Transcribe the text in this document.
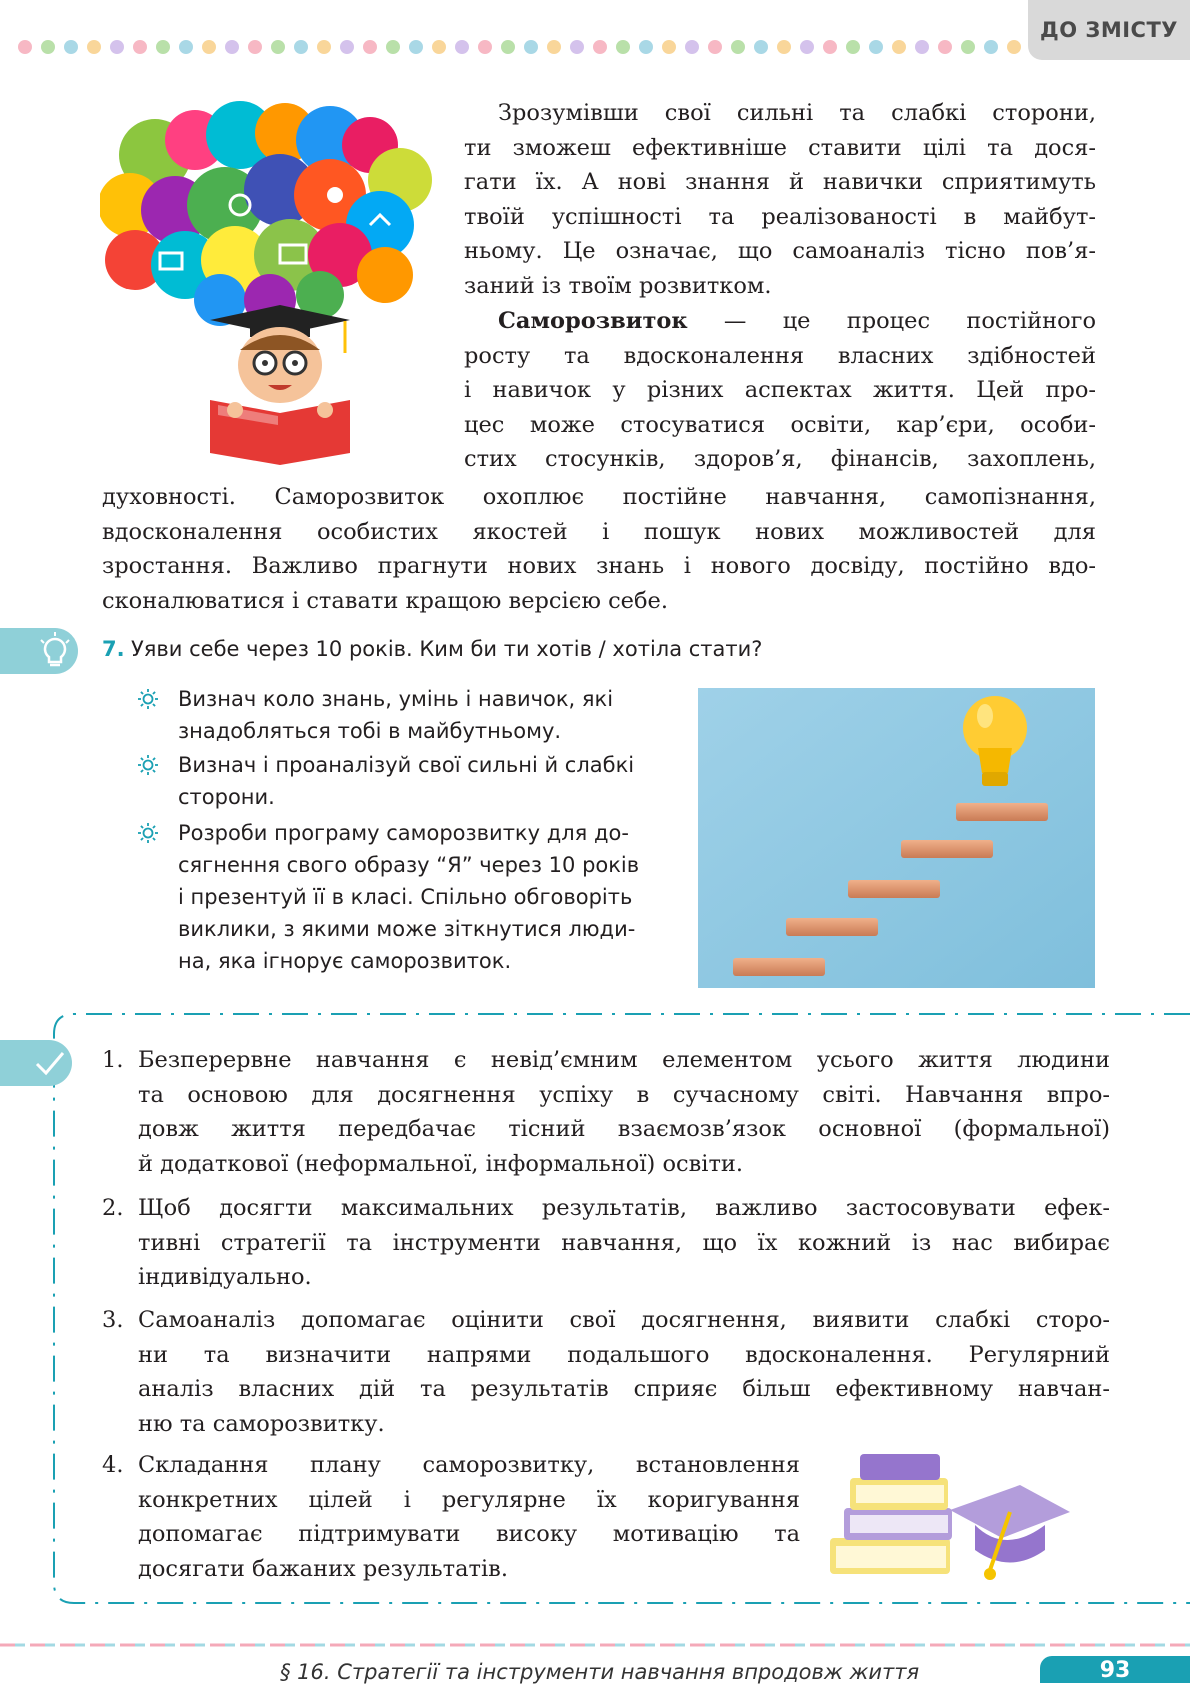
ДО ЗМІСТУ
Зрозумівши свої сильні та слабкі сторони,
ти зможеш ефективніше ставити цілі та дося-
гати їх. А нові знання й навички сприятимуть
твоїй успішності та реалізованості в майбут-
ньому. Це означає, що самоаналіз тісно пов’я-
заний із твоїм розвитком.
Саморозвиток — це процес постійного
росту та вдосконалення власних здібностей
і навичок у різних аспектах життя. Цей про-
цес може стосуватися освіти, кар’єри, особи-
стих стосунків, здоров’я, фінансів, захоплень,
духовності. Саморозвиток охоплює постійне навчання, самопізнання,
вдосконалення особистих якостей і пошук нових можливостей для
зростання. Важливо прагнути нових знань і нового досвіду, постійно вдо-
сконалюватися і ставати кращою версією себе.
7. Уяви себе через 10 років. Ким би ти хотів / хотіла стати?
Визнач коло знань, умінь і навичок, які
знадобляться тобі в майбутньому.
Визнач і проаналізуй свої сильні й слабкі
сторони.
Розроби програму саморозвитку для до-
сягнення свого образу “Я” через 10 років
і презентуй її в класі. Спільно обговоріть
виклики, з якими може зіткнутися люди-
на, яка ігнорує саморозвиток.
1. Безперервне навчання є невід’ємним елементом усього життя людини
та основою для досягнення успіху в сучасному світі. Навчання впро-
довж життя передбачає тісний взаємозв’язок основної (формальної)
й додаткової (неформальної, інформальної) освіти.
2. Щоб досягти максимальних результатів, важливо застосовувати ефек-
тивні стратегії та інструменти навчання, що їх кожний із нас вибирає
індивідуально.
3. Самоаналіз допомагає оцінити свої досягнення, виявити слабкі сторо-
ни та визначити напрями подальшого вдосконалення. Регулярний
аналіз власних дій та результатів сприяє більш ефективному навчан-
ню та саморозвитку.
4. Складання плану саморозвитку, встановлення
конкретних цілей і регулярне їх коригування
допомагає підтримувати високу мотивацію та
досягати бажаних результатів.
§ 16. Стратегії та інструменти навчання впродовж життя	93
